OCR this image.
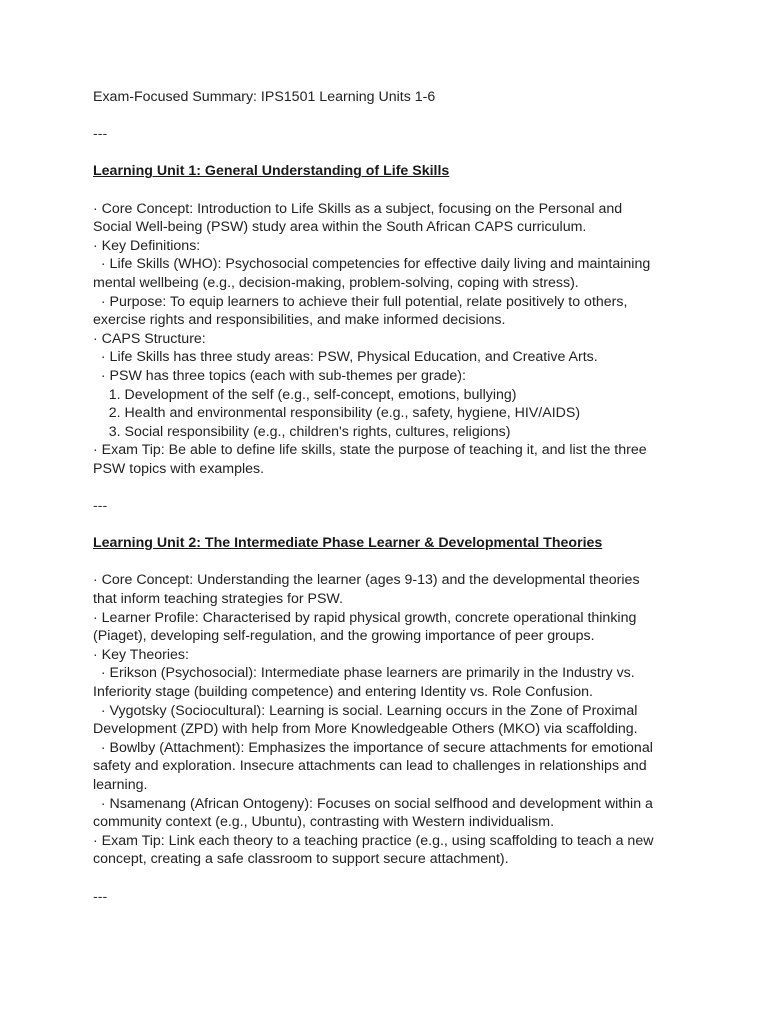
Exam-Focused Summary: IPS1501 Learning Units 1-6
---
Learning Unit 1: General Understanding of Life Skills
· Core Concept: Introduction to Life Skills as a subject, focusing on the Personal and
Social Well-being (PSW) study area within the South African CAPS curriculum.
· Key Definitions:
· Life Skills (WHO): Psychosocial competencies for effective daily living and maintaining
mental wellbeing (e.g., decision-making, problem-solving, coping with stress).
· Purpose: To equip learners to achieve their full potential, relate positively to others,
exercise rights and responsibilities, and make informed decisions.
· CAPS Structure:
· Life Skills has three study areas: PSW, Physical Education, and Creative Arts.
· PSW has three topics (each with sub-themes per grade):
1. Development of the self (e.g., self-concept, emotions, bullying)
2. Health and environmental responsibility (e.g., safety, hygiene, HIV/AIDS)
3. Social responsibility (e.g., children's rights, cultures, religions)
· Exam Tip: Be able to define life skills, state the purpose of teaching it, and list the three
PSW topics with examples.
---
Learning Unit 2: The Intermediate Phase Learner & Developmental Theories
· Core Concept: Understanding the learner (ages 9-13) and the developmental theories
that inform teaching strategies for PSW.
· Learner Profile: Characterised by rapid physical growth, concrete operational thinking
(Piaget), developing self-regulation, and the growing importance of peer groups.
· Key Theories:
· Erikson (Psychosocial): Intermediate phase learners are primarily in the Industry vs.
Inferiority stage (building competence) and entering Identity vs. Role Confusion.
· Vygotsky (Sociocultural): Learning is social. Learning occurs in the Zone of Proximal
Development (ZPD) with help from More Knowledgeable Others (MKO) via scaffolding.
· Bowlby (Attachment): Emphasizes the importance of secure attachments for emotional
safety and exploration. Insecure attachments can lead to challenges in relationships and
learning.
· Nsamenang (African Ontogeny): Focuses on social selfhood and development within a
community context (e.g., Ubuntu), contrasting with Western individualism.
· Exam Tip: Link each theory to a teaching practice (e.g., using scaffolding to teach a new
concept, creating a safe classroom to support secure attachment).
---
